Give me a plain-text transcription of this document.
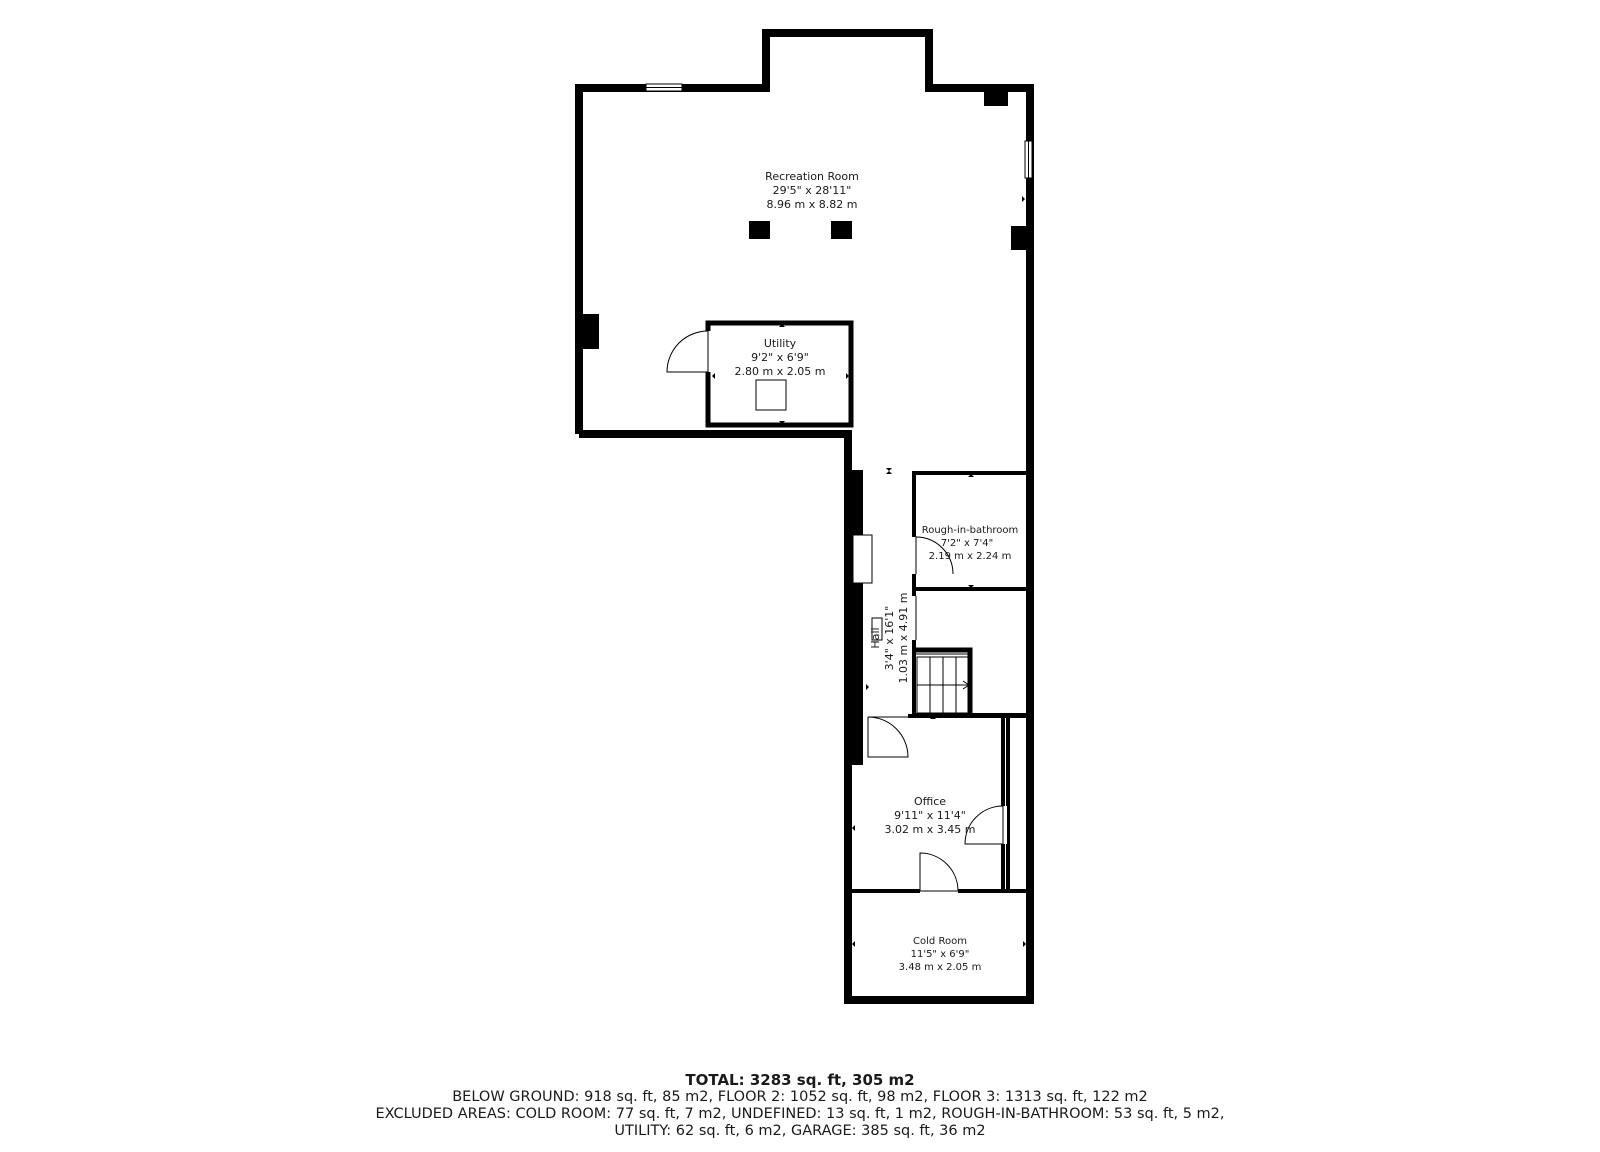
Recreation Room
29'5" x 28'11"
8.96 m x 8.82 m
Utility
9'2" x 6'9"
2.80 m x 2.05 m
Rough-in-bathroom
7'2" x 7'4"
2.19 m x 2.24 m
Hall 3'4" x 16'1" 1.03 m x 4.91 m
Office
9'11" x 11'4"
3.02 m x 3.45 m
Cold Room
11'5" x 6'9"
3.48 m x 2.05 m
TOTAL: 3283 sq. ft, 305 m2
BELOW GROUND: 918 sq. ft, 85 m2, FLOOR 2: 1052 sq. ft, 98 m2, FLOOR 3: 1313 sq. ft, 122 m2
EXCLUDED AREAS: COLD ROOM: 77 sq. ft, 7 m2, UNDEFINED: 13 sq. ft, 1 m2, ROUGH-IN-BATHROOM: 53 sq. ft, 5 m2,
UTILITY: 62 sq. ft, 6 m2, GARAGE: 385 sq. ft, 36 m2
